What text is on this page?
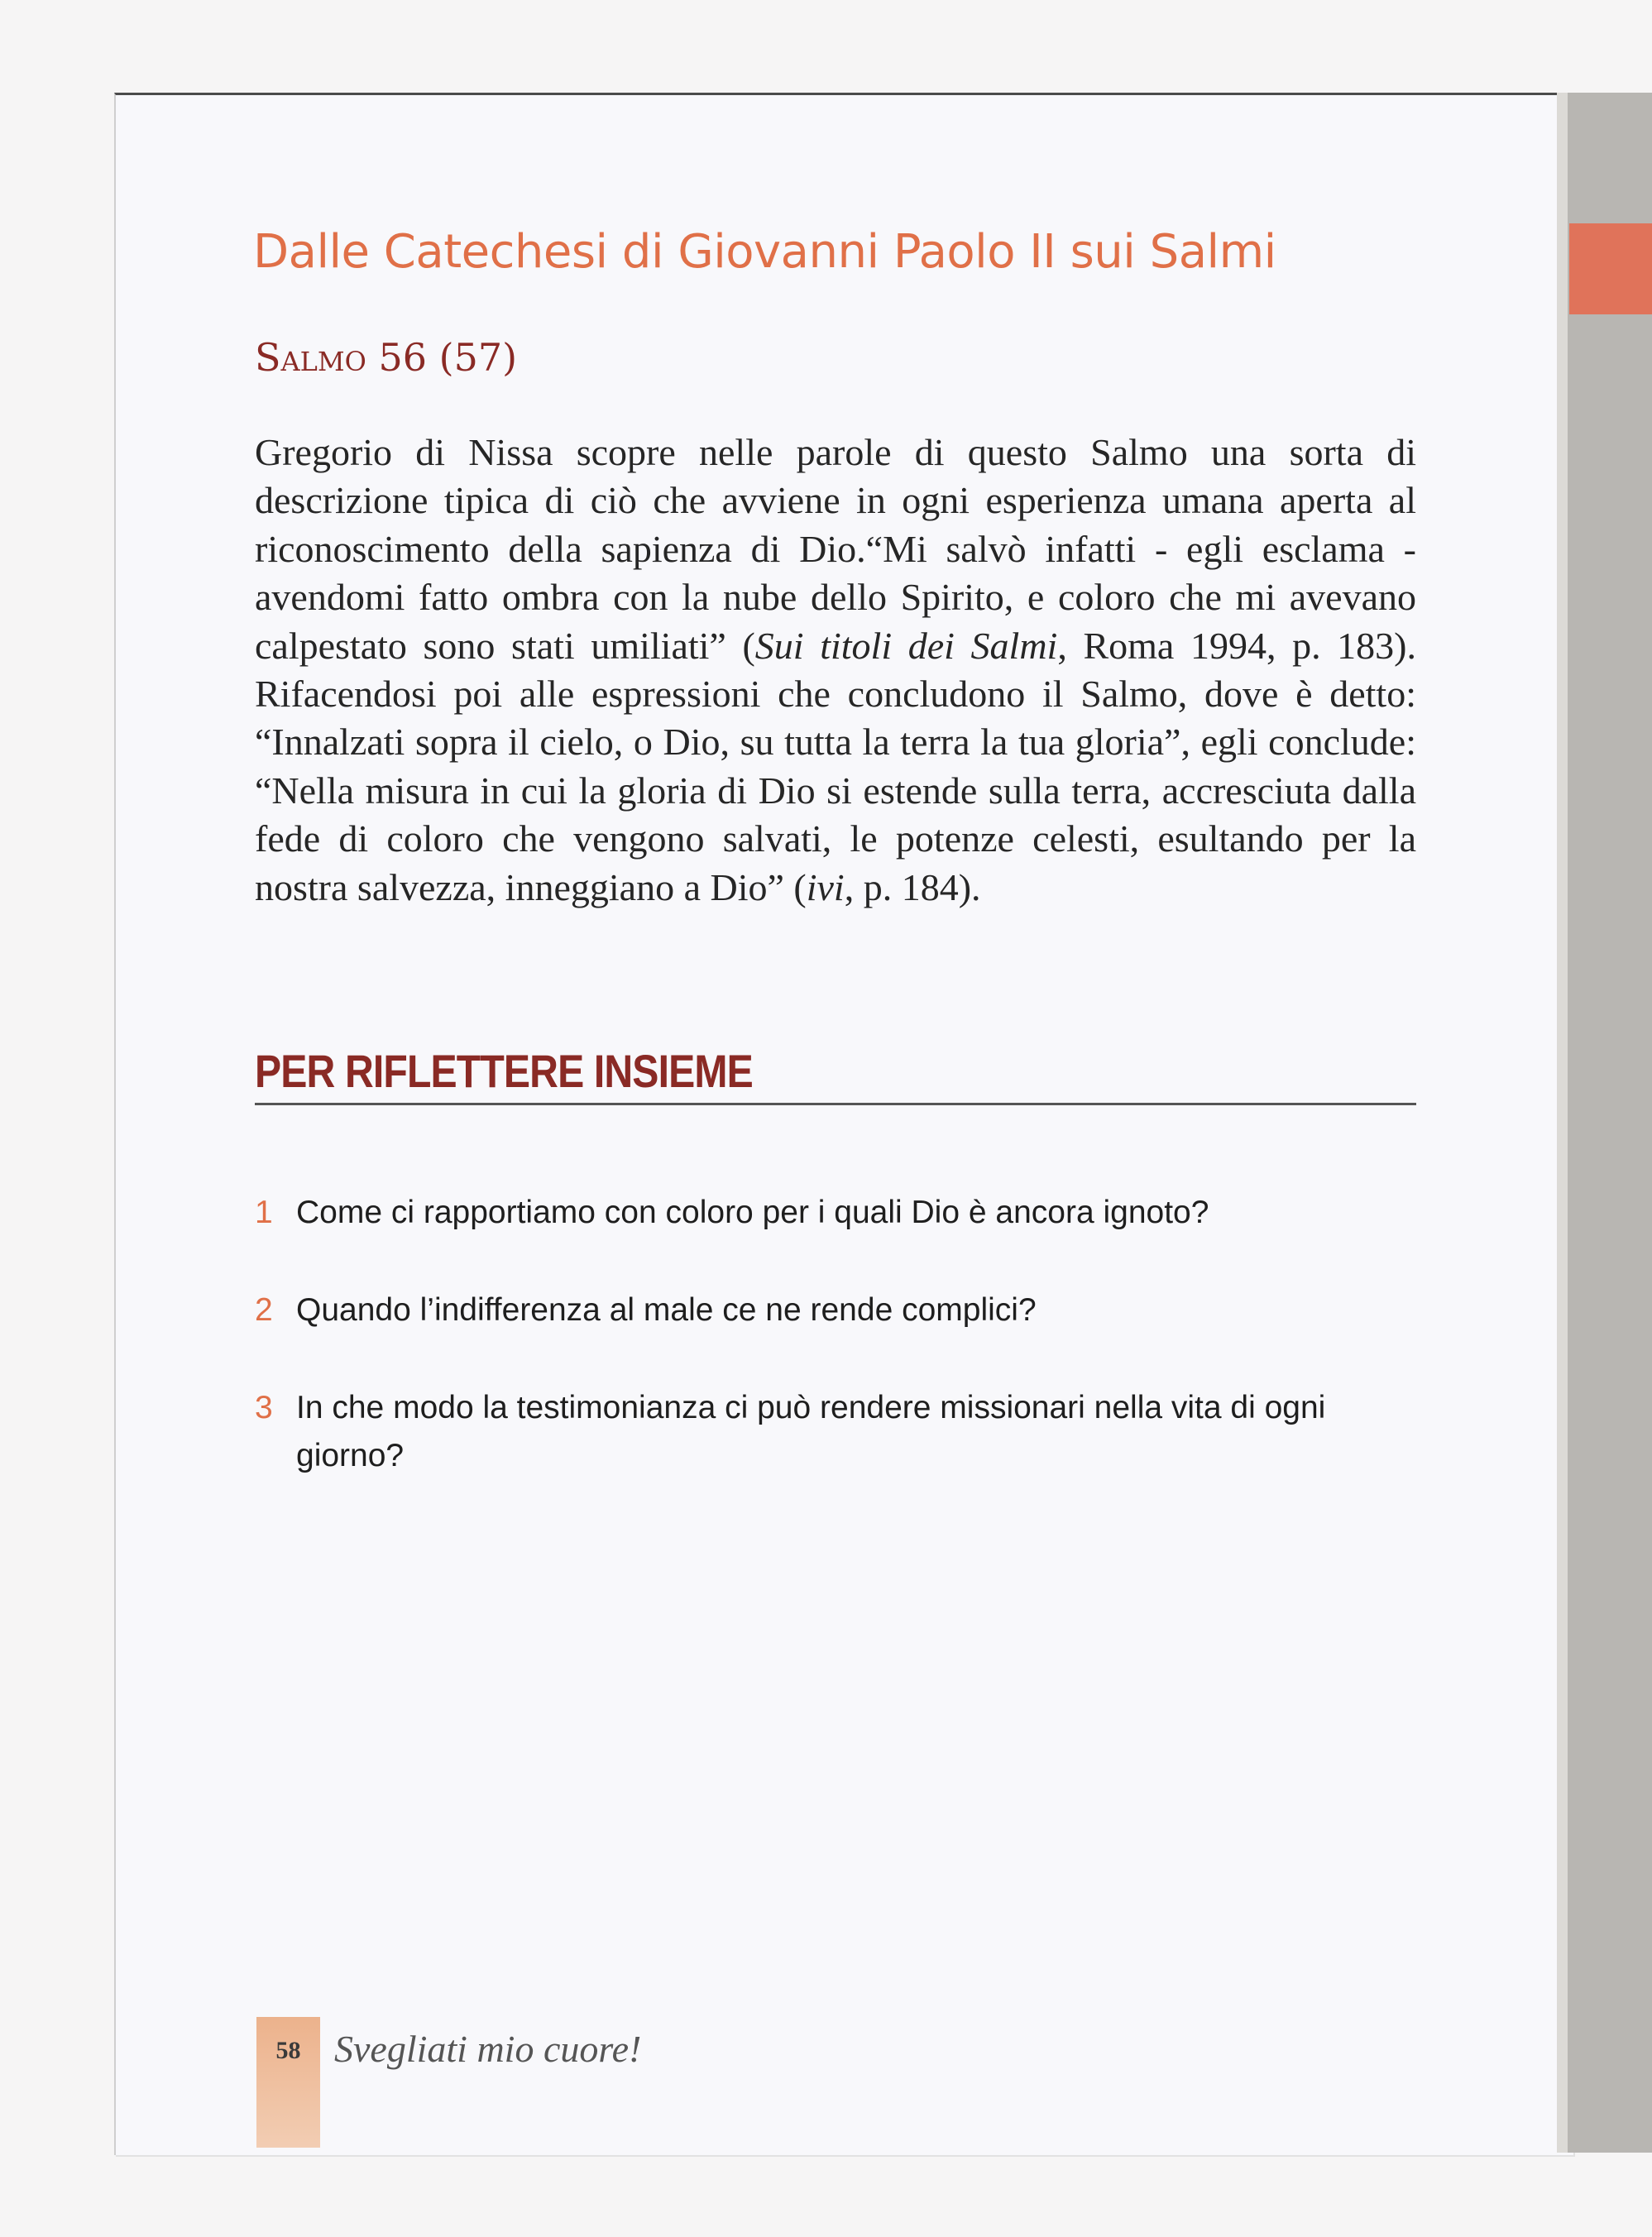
Dalle Catechesi di Giovanni Paolo II sui Salmi
Salmo 56 (57)

Gregorio di Nissa scopre nelle parole di questo Salmo una sorta di descrizione tipica di ciò che avviene in ogni esperienza umana aperta al riconoscimento della sapienza di Dio.“Mi salvò infatti - egli esclama - avendomi fatto ombra con la nube dello Spirito, e coloro che mi avevano calpestato sono stati umiliati” (Sui titoli dei Salmi, Roma 1994, p. 183). Rifacendosi poi alle espressioni che concludono il Salmo, dove è detto: “Innalzati sopra il cielo, o Dio, su tutta la terra la tua gloria”, egli conclude: “Nella misura in cui la gloria di Dio si estende sulla terra, accresciuta dalla fede di coloro che vengono salvati, le potenze celesti, esultando per la nostra salvezza, inneggiano a Dio” (ivi, p. 184).

PER RIFLETTERE INSIEME
1 Come ci rapportiamo con coloro per i quali Dio è ancora ignoto?
2 Quando l’indifferenza al male ce ne rende complici?
3 In che modo la testimonianza ci può rendere missionari nella vita di ogni giorno?
58 Svegliati mio cuore!
